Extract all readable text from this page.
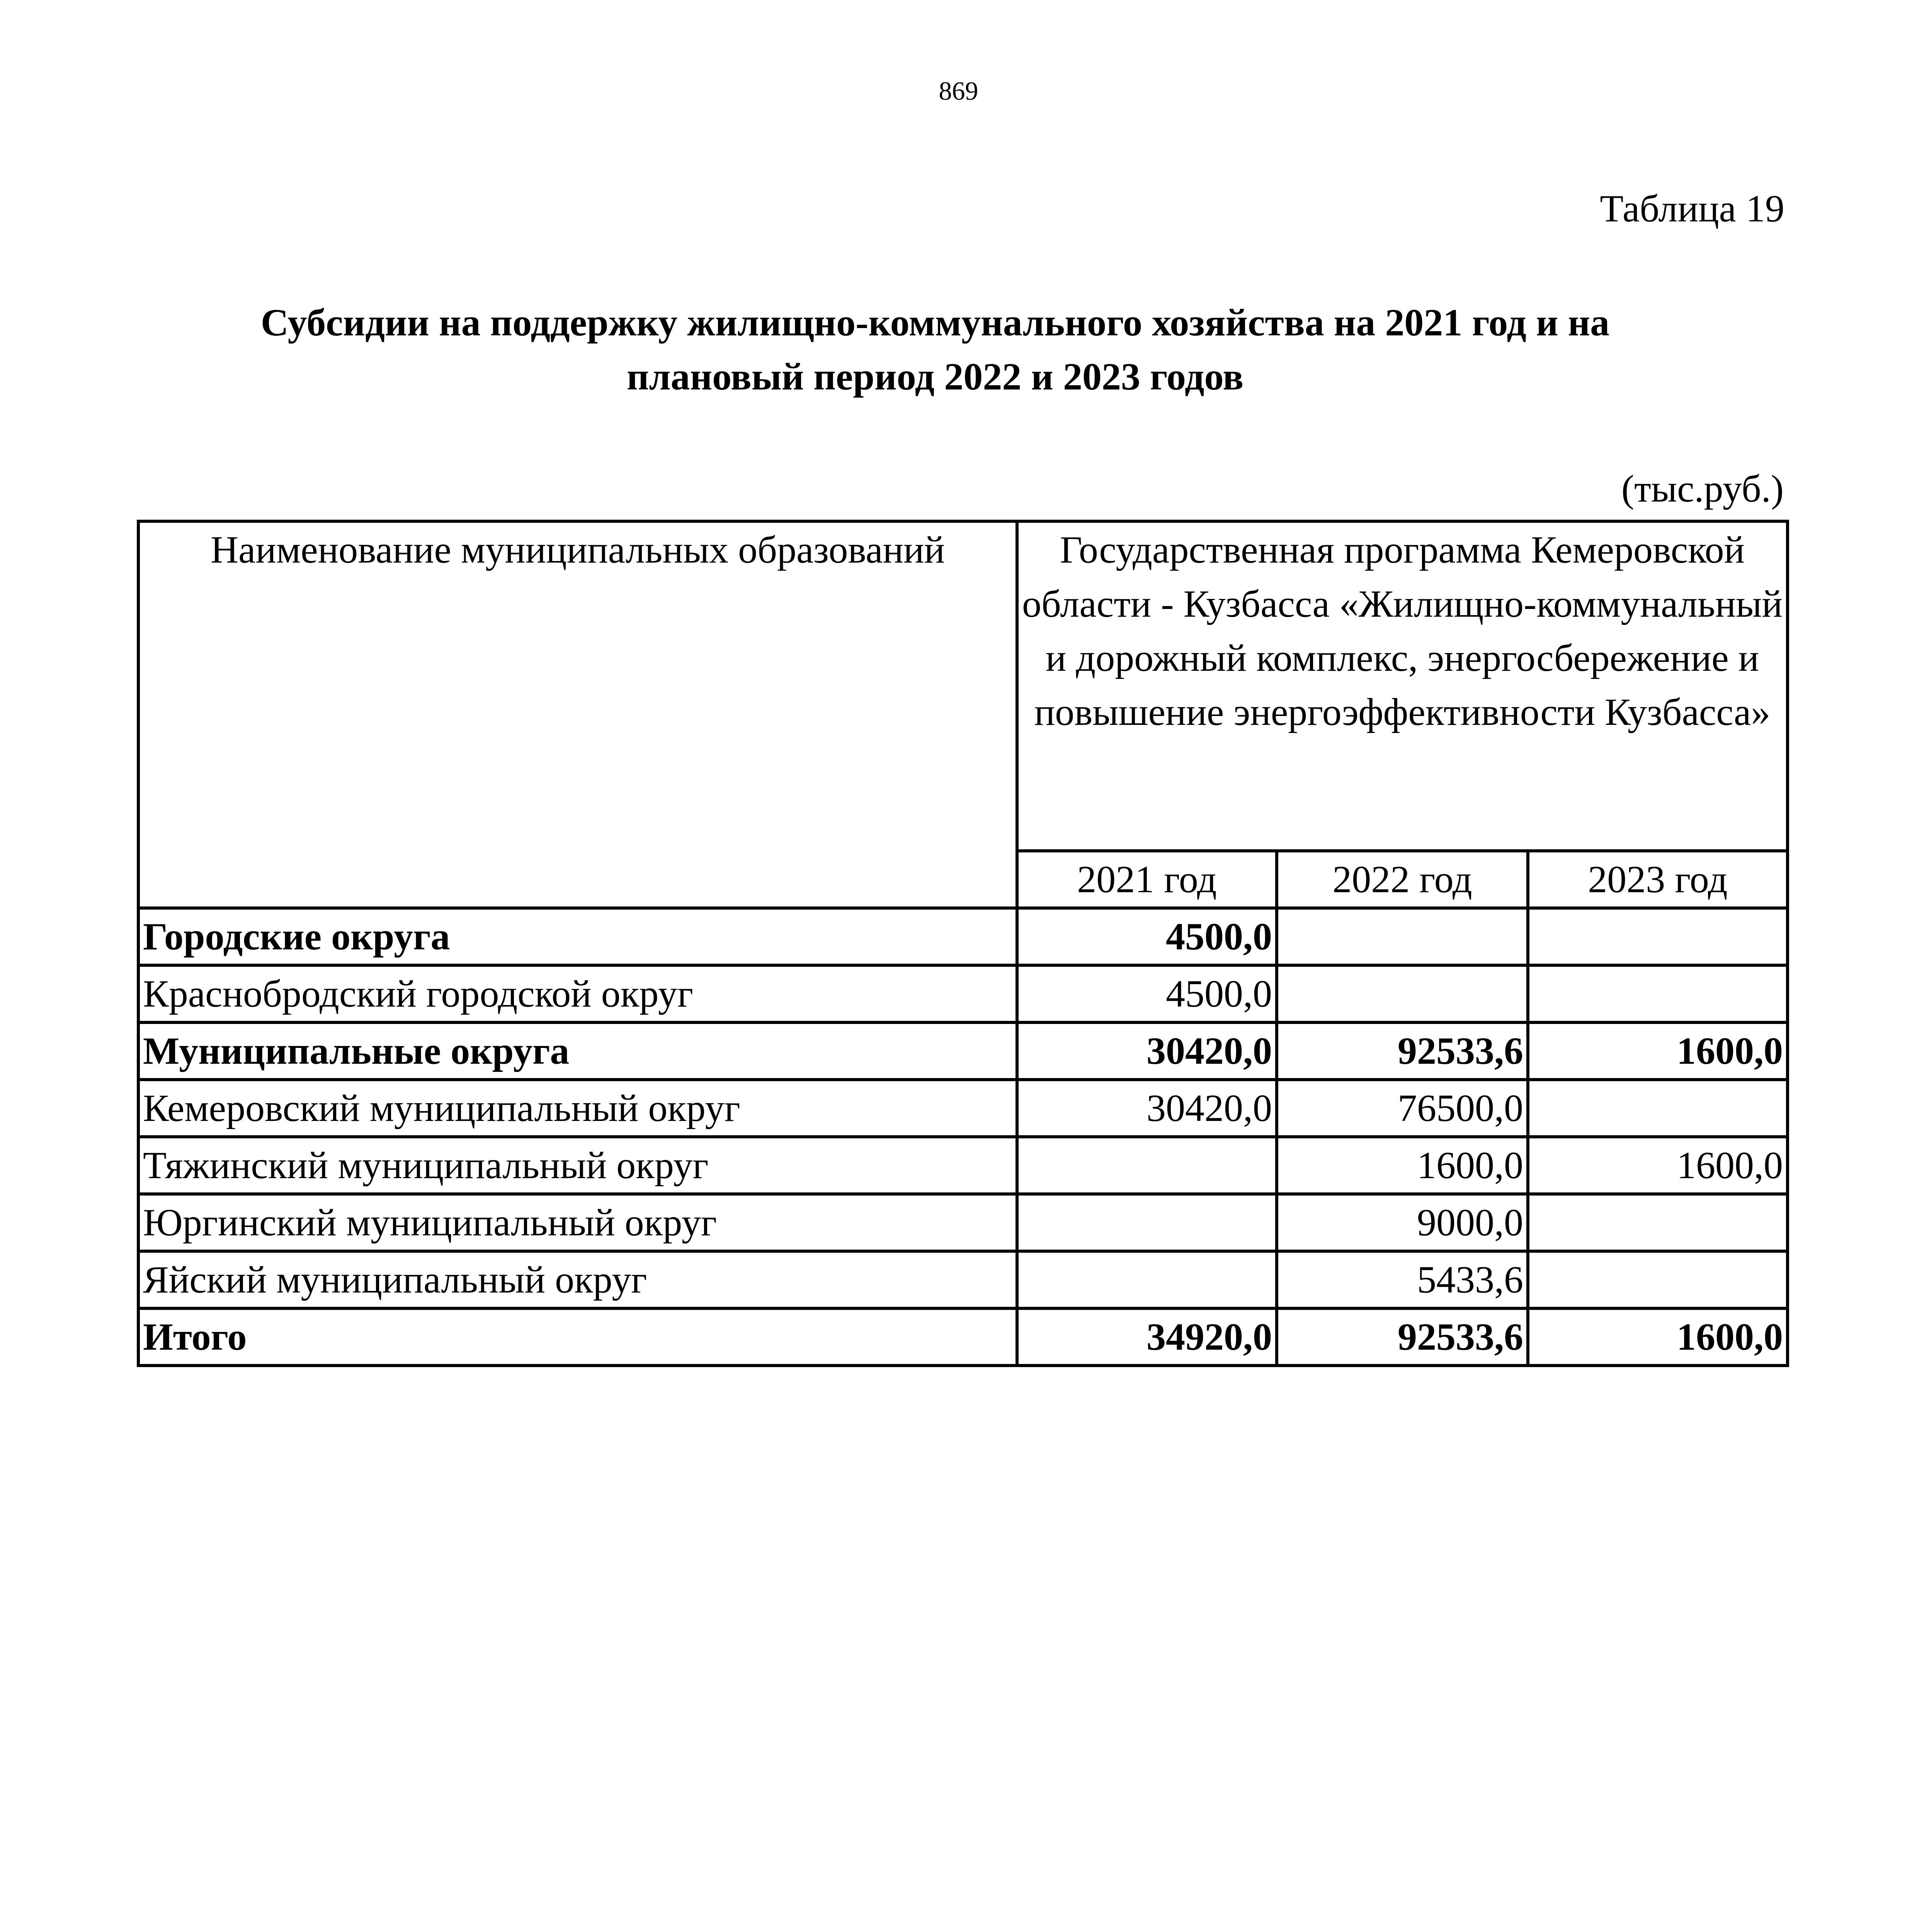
869
Таблица 19
Субсидии на поддержку жилищно-коммунального хозяйства на 2021 год и на
плановый период 2022 и 2023 годов
(тыс.руб.)
Наименование муниципальных образований	Государственная программа Кемеровской области - Кузбасса «Жилищно-коммунальный и дорожный комплекс, энергосбережение и повышение энергоэффективности Кузбасса»		
	2021 год	2022 год	2023 год
Городские округа	4500,0		
Краснобродский городской округ	4500,0		
Муниципальные округа	30420,0	92533,6	1600,0
Кемеровский муниципальный округ	30420,0	76500,0	
Тяжинский муниципальный округ		1600,0	1600,0
Юргинский муниципальный округ		9000,0	
Яйский муниципальный округ		5433,6	
Итого	34920,0	92533,6	1600,0
